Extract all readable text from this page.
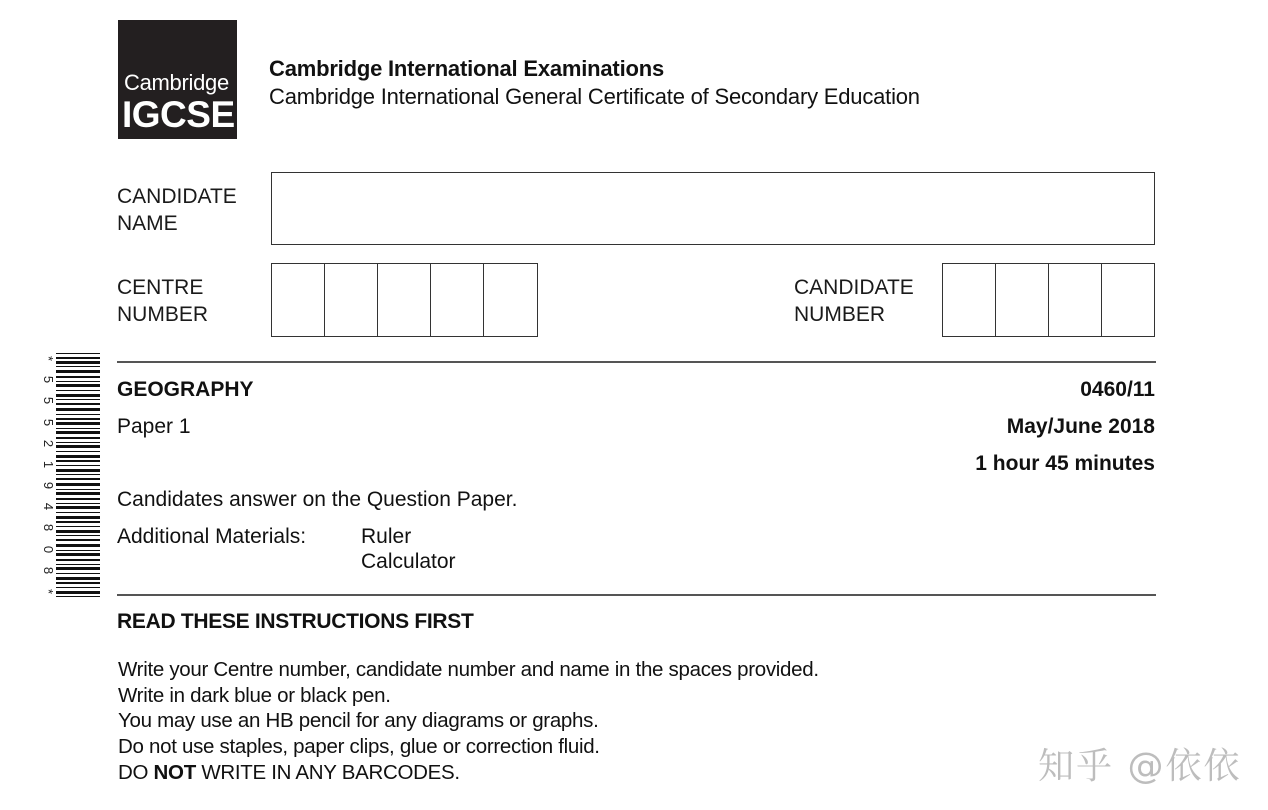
Cambridge
IGCSE
Cambridge International Examinations
Cambridge International General Certificate of Secondary Education
CANDIDATE
NAME
CENTRE
NUMBER
CANDIDATE
NUMBER
*
5
5
5
2
1
9
4
8
0
8
*
GEOGRAPHY
Paper 1
0460/11
May/June 2018
1 hour 45 minutes
Candidates answer on the Question Paper.
Additional Materials:	Ruler
Calculator
READ THESE INSTRUCTIONS FIRST
Write your Centre number, candidate number and name in the spaces provided.
Write in dark blue or black pen.
You may use an HB pencil for any diagrams or graphs.
Do not use staples, paper clips, glue or correction fluid.
DO NOT WRITE IN ANY BARCODES.	知乎 @依依
